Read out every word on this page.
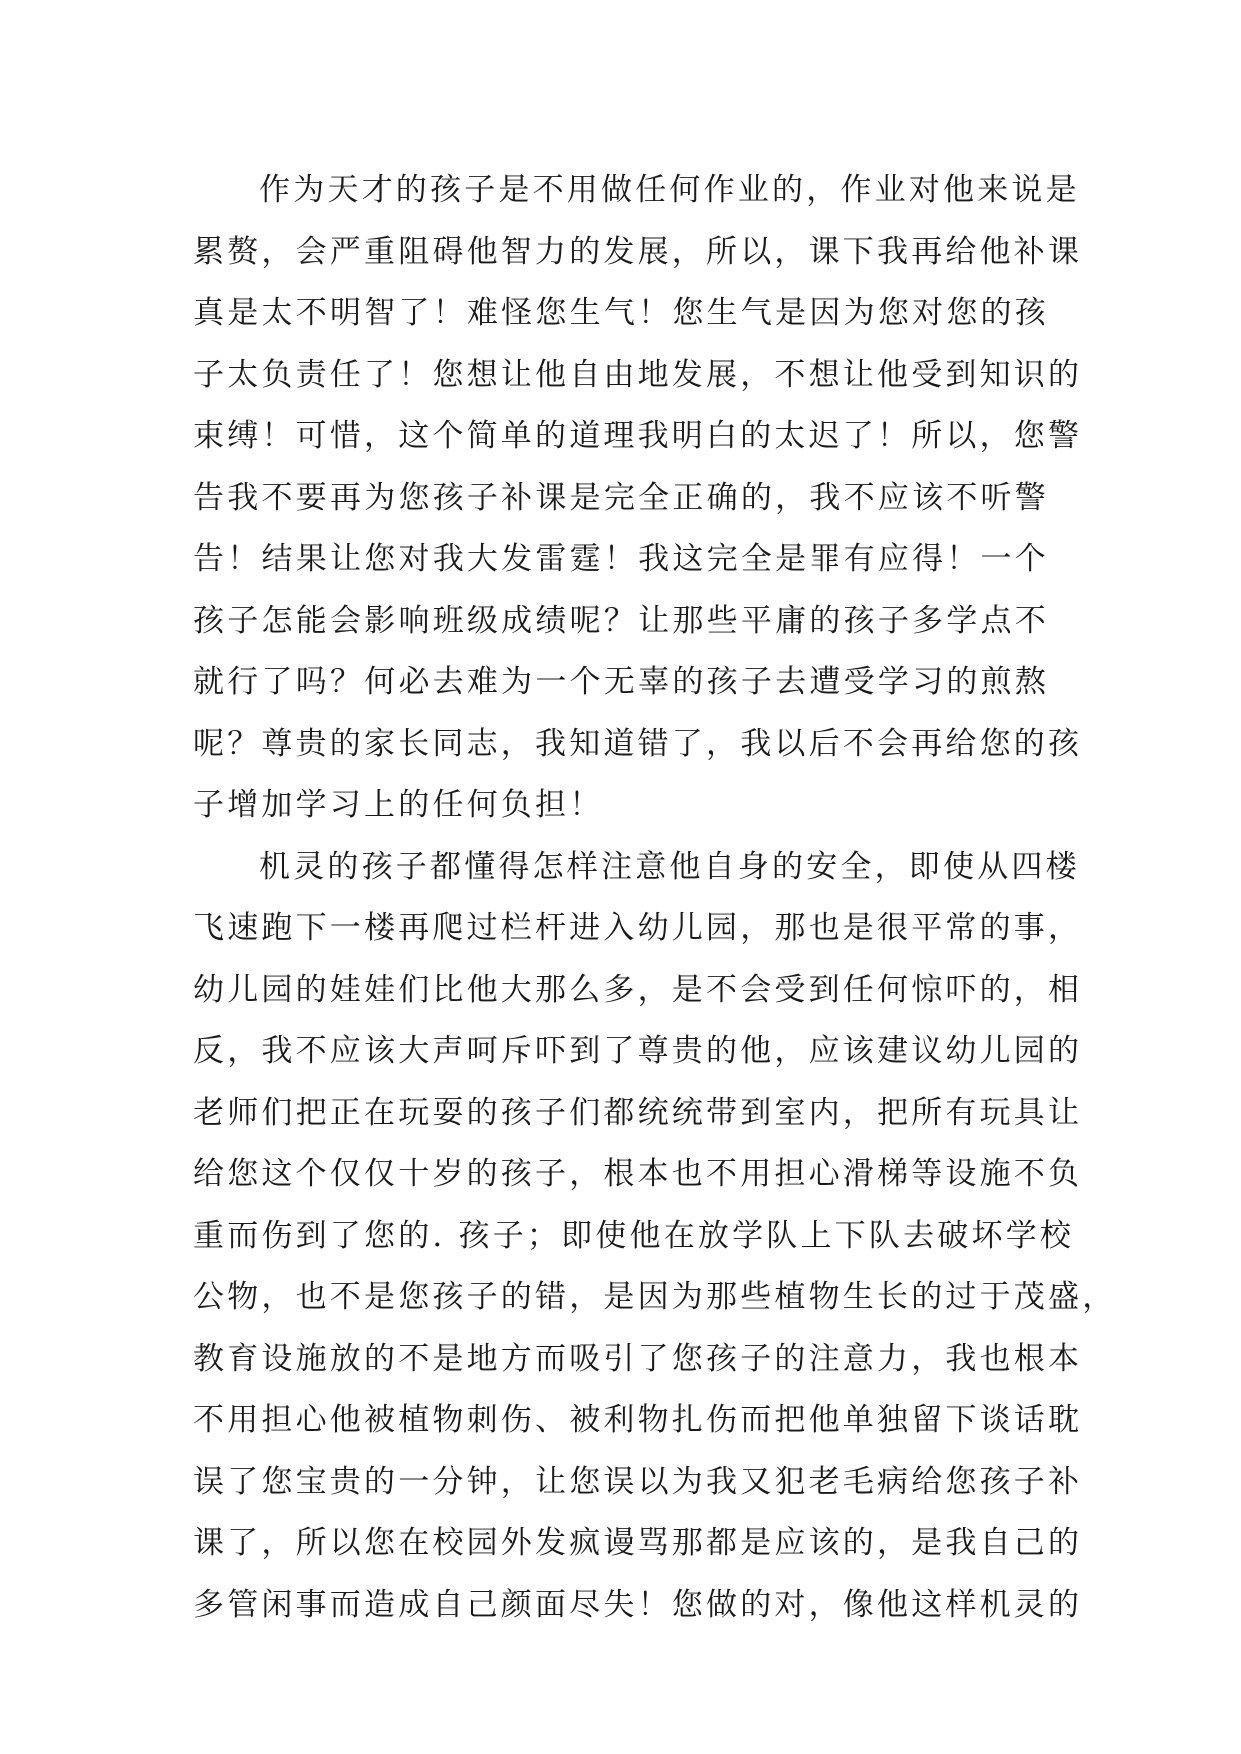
作为天才的孩子是不用做任何作业的，作业对他来说是
累赘，会严重阻碍他智力的发展，所以，课下我再给他补课
真是太不明智了！难怪您生气！您生气是因为您对您的孩
子太负责任了！您想让他自由地发展，不想让他受到知识的
束缚！可惜，这个简单的道理我明白的太迟了！所以，您警
告我不要再为您孩子补课是完全正确的，我不应该不听警
告！结果让您对我大发雷霆！我这完全是罪有应得！一个
孩子怎能会影响班级成绩呢？让那些平庸的孩子多学点不
就行了吗？何必去难为一个无辜的孩子去遭受学习的煎熬
呢？尊贵的家长同志，我知道错了，我以后不会再给您的孩
子增加学习上的任何负担！
机灵的孩子都懂得怎样注意他自身的安全，即使从四楼
飞速跑下一楼再爬过栏杆进入幼儿园，那也是很平常的事，
幼儿园的娃娃们比他大那么多，是不会受到任何惊吓的，相
反，我不应该大声呵斥吓到了尊贵的他，应该建议幼儿园的
老师们把正在玩耍的孩子们都统统带到室内，把所有玩具让
给您这个仅仅十岁的孩子，根本也不用担心滑梯等设施不负
重而伤到了您的. 孩子；即使他在放学队上下队去破坏学校
公物，也不是您孩子的错，是因为那些植物生长的过于茂盛，
教育设施放的不是地方而吸引了您孩子的注意力，我也根本
不用担心他被植物刺伤、被利物扎伤而把他单独留下谈话耽
误了您宝贵的一分钟，让您误以为我又犯老毛病给您孩子补
课了，所以您在校园外发疯谩骂那都是应该的，是我自己的
多管闲事而造成自己颜面尽失！您做的对，像他这样机灵的
